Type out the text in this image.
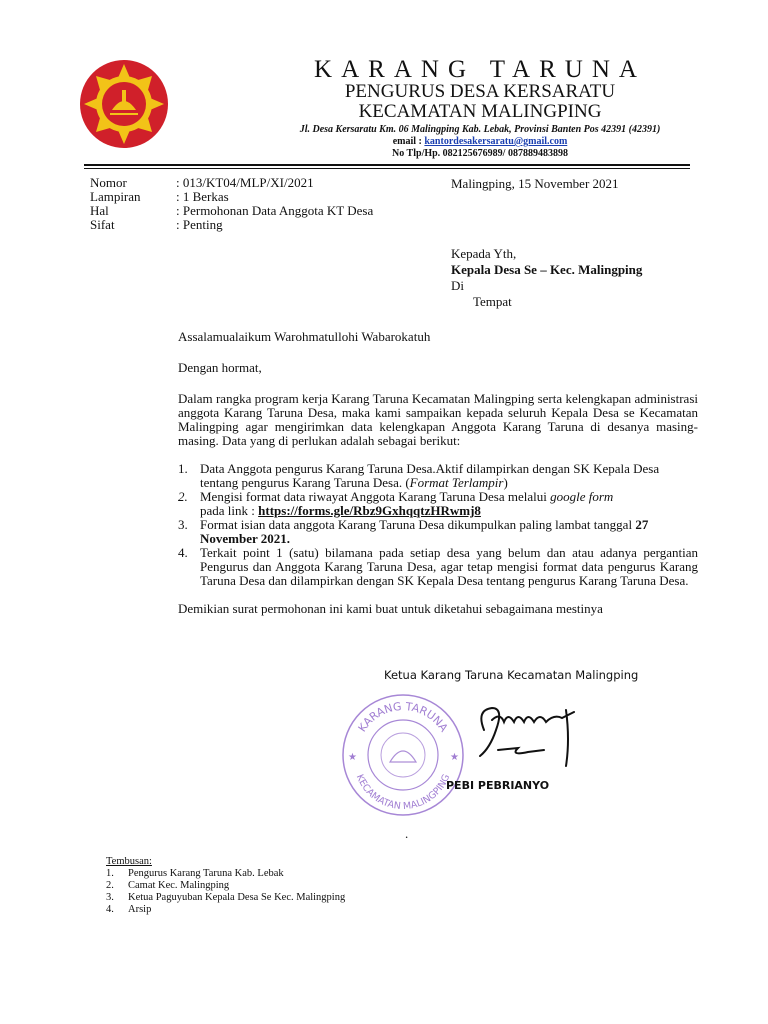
KARANG TARUNA
PENGURUS DESA KERSARATU
KECAMATAN MALINGPING
Jl. Desa Kersaratu Km. 06 Malingping Kab. Lebak, Provinsi Banten Pos 42391 (42391)
email : kantordesakersaratu@gmail.com
No Tlp/Hp. 082125676989/ 087889483898
Nomor	: 013/KT04/MLP/XI/2021
Lampiran	: 1 Berkas
Hal	: Permohonan Data Anggota KT Desa
Sifat	: Penting
Malingping, 15 November 2021
Kepada Yth,
Kepala Desa Se – Kec. Malingping
Di
Tempat

Assalamualaikum Warohmatullohi Wabarokatuh

Dengan hormat,

Dalam rangka program kerja Karang Taruna Kecamatan Malingping serta kelengkapan administrasi anggota Karang Taruna Desa, maka kami sampaikan kepada seluruh Kepala Desa se Kecamatan Malingping agar mengirimkan data kelengkapan Anggota Karang Taruna di desanya masing-masing. Data yang di perlukan adalah sebagai berikut:

1. Data Anggota pengurus Karang Taruna Desa.Aktif dilampirkan dengan SK Kepala Desa tentang pengurus Karang Taruna Desa. (Format Terlampir)
2. Mengisi format data riwayat Anggota Karang Taruna Desa melalui google form
pada link : https://forms.gle/Rbz9GxhqqtzHRwmj8
3. Format isian data anggota Karang Taruna Desa dikumpulkan paling lambat tanggal 27 November 2021.
4. Terkait point 1 (satu) bilamana pada setiap desa yang belum dan atau adanya pergantian Pengurus dan Anggota Karang Taruna Desa, agar tetap mengisi format data pengurus Karang Taruna Desa dan dilampirkan dengan SK Kepala Desa tentang pengurus Karang Taruna Desa.

Demikian surat permohonan ini kami buat untuk diketahui sebagaimana mestinya

Ketua Karang Taruna Kecamatan Malingping
KARANG TARUNA
KECAMATAN MALINGPING
★	★
PEBI PEBRIANYO
.
Tembusan:
1.	Pengurus Karang Taruna Kab. Lebak
2.	Camat Kec. Malingping
3.	Ketua Paguyuban Kepala Desa Se Kec. Malingping
4.	Arsip
